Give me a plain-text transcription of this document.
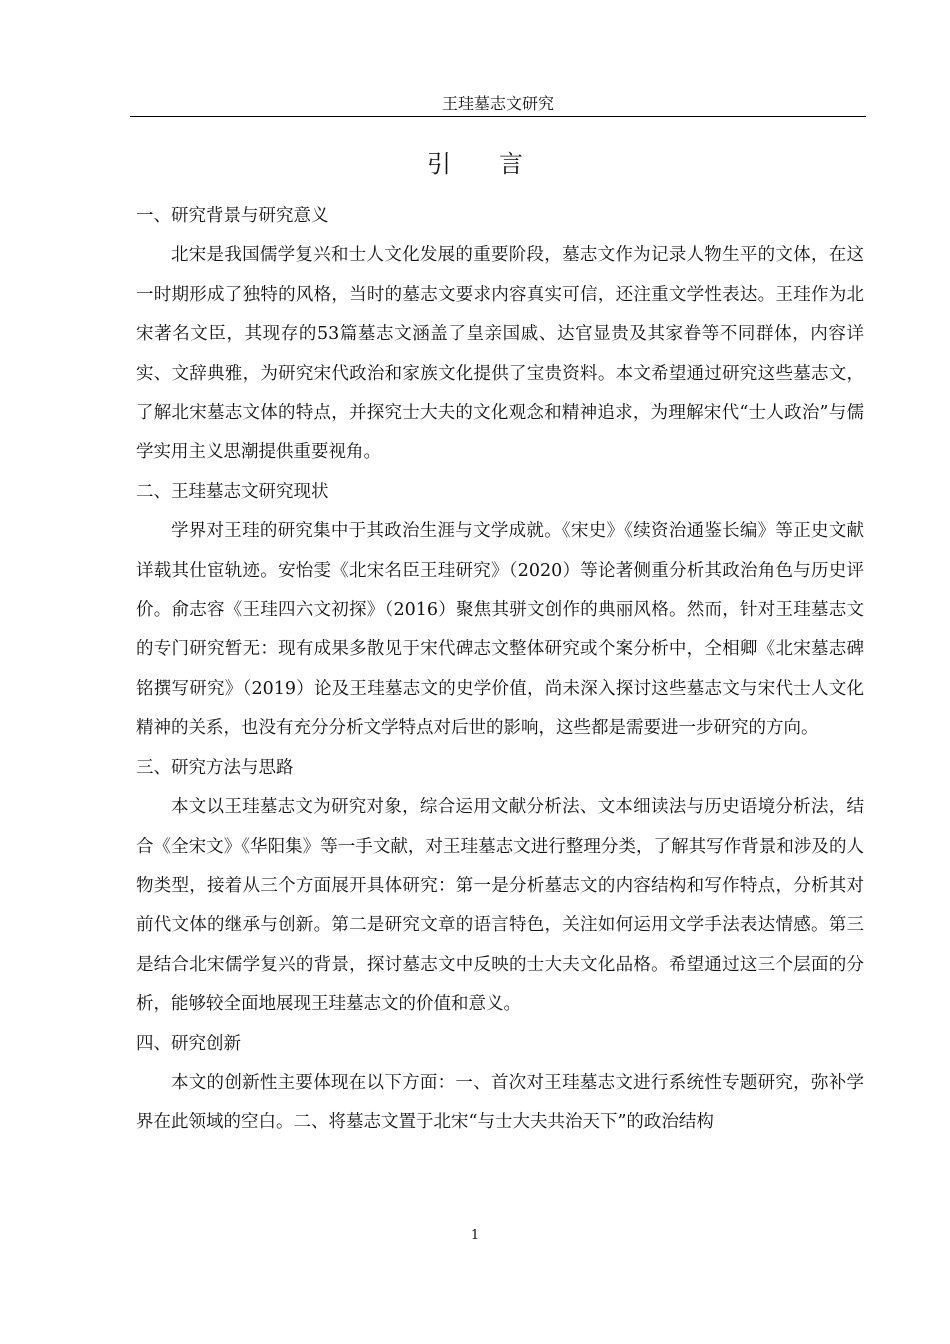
王珪墓志文研究
引言

一、研究背景与研究意义

北宋是我国儒学复兴和士人文化发展的重要阶段，墓志文作为记录人物生平的文体，在这一时期形成了独特的风格，当时的墓志文要求内容真实可信，还注重文学性表达。王珪作为北宋著名文臣，其现存的53篇墓志文涵盖了皇亲国戚、达官显贵及其家眷等不同群体，内容详实、文辞典雅，为研究宋代政治和家族文化提供了宝贵资料。本文希望通过研究这些墓志文，了解北宋墓志文体的特点，并探究士大夫的文化观念和精神追求，为理解宋代“士人政治”与儒学实用主义思潮提供重要视角。

二、王珪墓志文研究现状

学界对王珪的研究集中于其政治生涯与文学成就。《宋史》《续资治通鉴长编》等正史文献详载其仕宦轨迹。安怡雯《北宋名臣王珪研究》（2020）等论著侧重分析其政治角色与历史评价。俞志容《王珪四六文初探》（2016）聚焦其骈文创作的典丽风格。然而，针对王珪墓志文的专门研究暂无：现有成果多散见于宋代碑志文整体研究或个案分析中，仝相卿《北宋墓志碑铭撰写研究》（2019）论及王珪墓志文的史学价值，尚未深入探讨这些墓志文与宋代士人文化精神的关系，也没有充分分析文学特点对后世的影响，这些都是需要进一步研究的方向。

三、研究方法与思路

本文以王珪墓志文为研究对象，综合运用文献分析法、文本细读法与历史语境分析法，结合《全宋文》《华阳集》等一手文献，对王珪墓志文进行整理分类，了解其写作背景和涉及的人物类型，接着从三个方面展开具体研究：第一是分析墓志文的内容结构和写作特点，分析其对前代文体的继承与创新。第二是研究文章的语言特色，关注如何运用文学手法表达情感。第三是结合北宋儒学复兴的背景，探讨墓志文中反映的士大夫文化品格。希望通过这三个层面的分析，能够较全面地展现王珪墓志文的价值和意义。

四、研究创新

本文的创新性主要体现在以下方面：一、首次对王珪墓志文进行系统性专题研究，弥补学界在此领域的空白。二、将墓志文置于北宋“与士大夫共治天下”的政治结构

1
